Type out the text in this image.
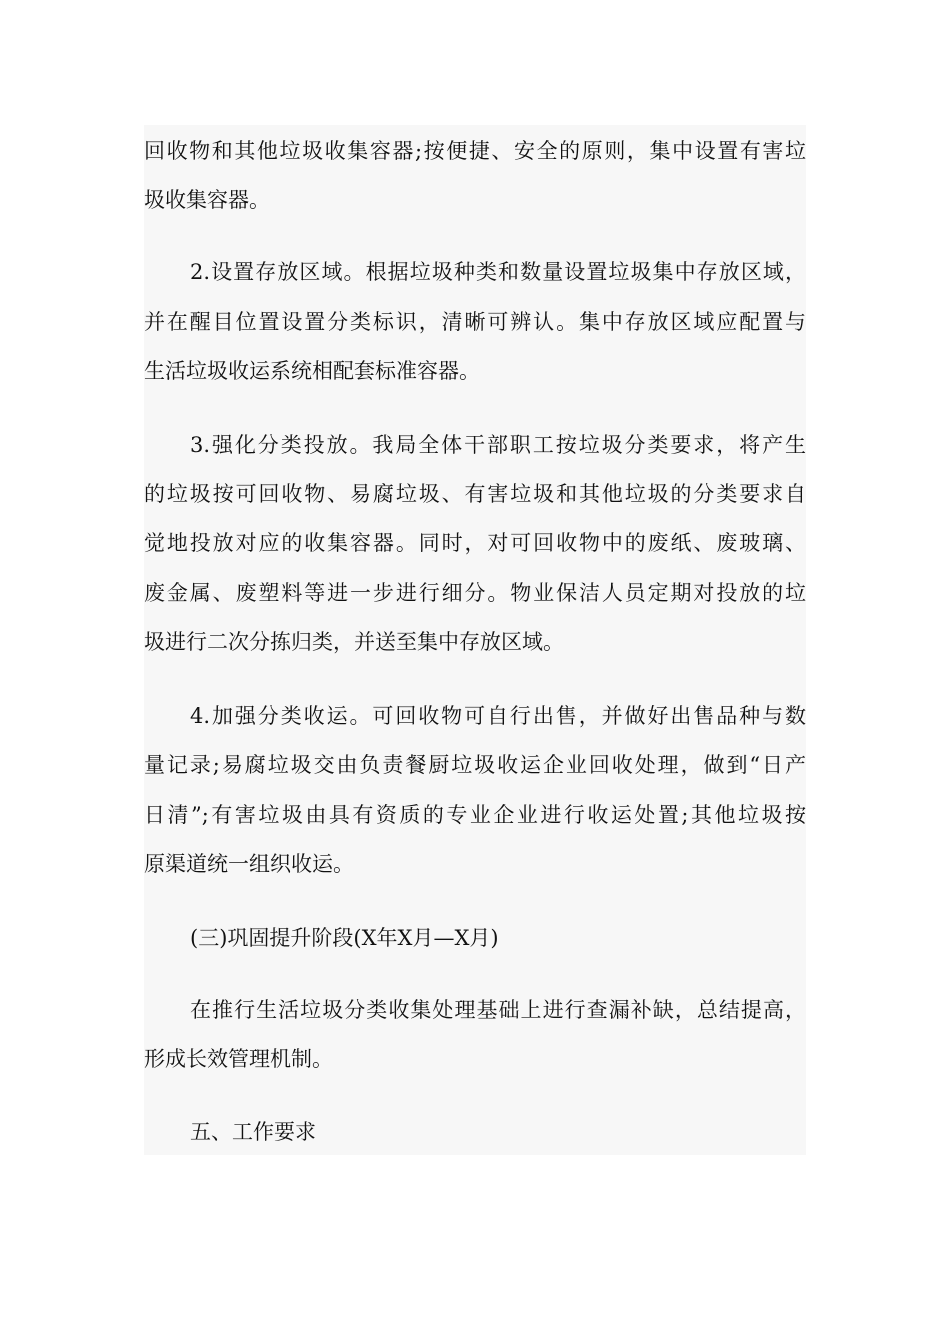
回收物和其他垃圾收集容器;按便捷、安全的原则，集中设置有害垃
圾收集容器。
2.设置存放区域。根据垃圾种类和数量设置垃圾集中存放区域，
并在醒目位置设置分类标识，清晰可辨认。集中存放区域应配置与
生活垃圾收运系统相配套标准容器。
3.强化分类投放。我局全体干部职工按垃圾分类要求，将产生
的垃圾按可回收物、易腐垃圾、有害垃圾和其他垃圾的分类要求自
觉地投放对应的收集容器。同时，对可回收物中的废纸、废玻璃、
废金属、废塑料等进一步进行细分。物业保洁人员定期对投放的垃
圾进行二次分拣归类，并送至集中存放区域。
4.加强分类收运。可回收物可自行出售，并做好出售品种与数
量记录;易腐垃圾交由负责餐厨垃圾收运企业回收处理，做到“日产
日清”;有害垃圾由具有资质的专业企业进行收运处置;其他垃圾按
原渠道统一组织收运。
(三)巩固提升阶段(X年X月—X月)
在推行生活垃圾分类收集处理基础上进行查漏补缺，总结提高，
形成长效管理机制。
五、工作要求
